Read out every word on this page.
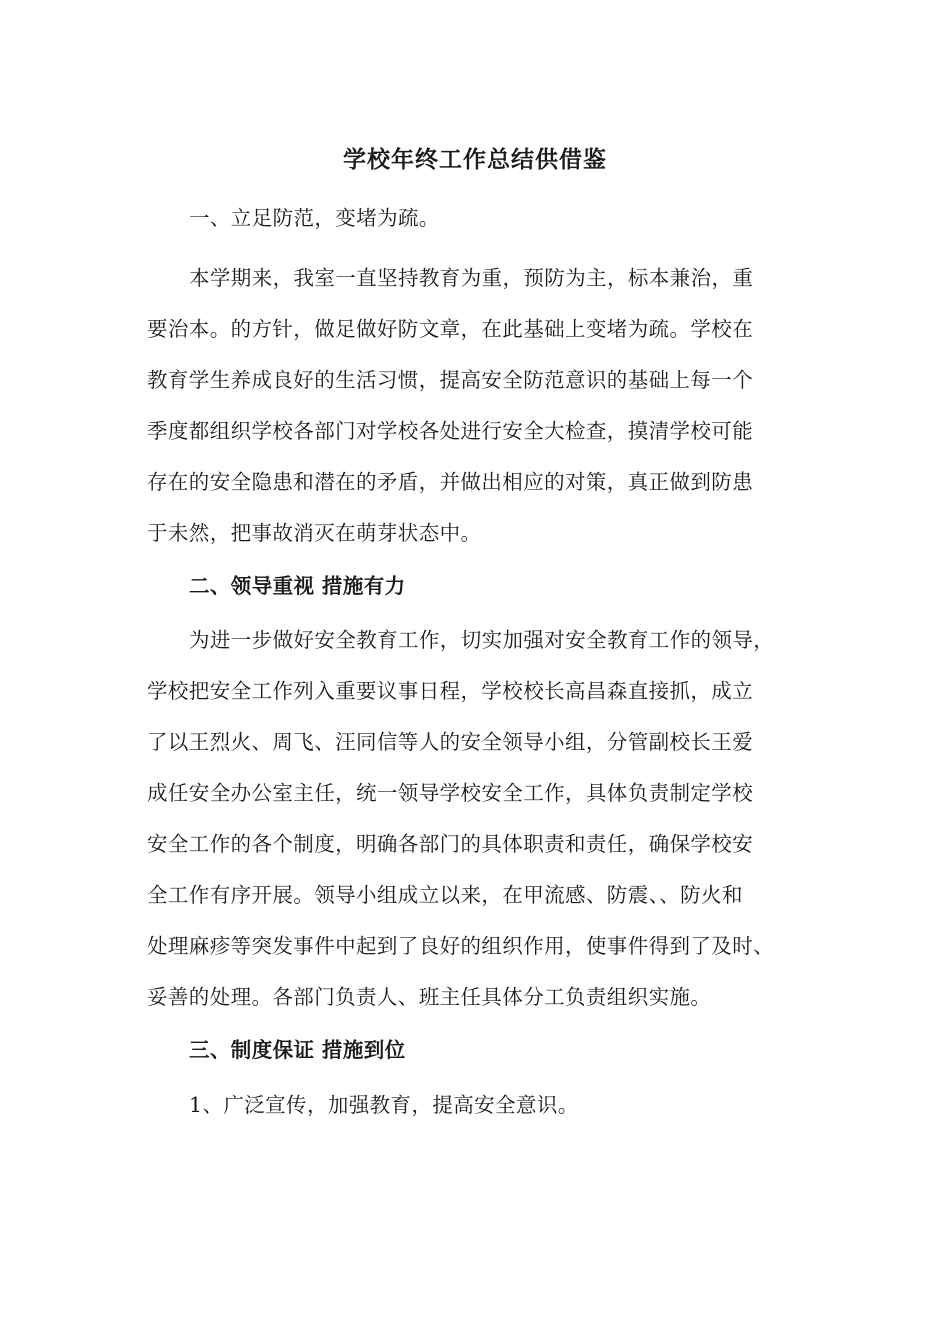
学校年终工作总结供借鉴
一、立足防范，变堵为疏。
本学期来，我室一直坚持教育为重，预防为主，标本兼治，重
要治本。的方针，做足做好防文章，在此基础上变堵为疏。学校在
教育学生养成良好的生活习惯，提高安全防范意识的基础上每一个
季度都组织学校各部门对学校各处进行安全大检查，摸清学校可能
存在的安全隐患和潜在的矛盾，并做出相应的对策，真正做到防患
于未然，把事故消灭在萌芽状态中。
二、领导重视 措施有力
为进一步做好安全教育工作，切实加强对安全教育工作的领导，
学校把安全工作列入重要议事日程，学校校长高昌森直接抓，成立
了以王烈火、周飞、汪同信等人的安全领导小组，分管副校长王爱
成任安全办公室主任，统一领导学校安全工作，具体负责制定学校
安全工作的各个制度，明确各部门的具体职责和责任，确保学校安
全工作有序开展。领导小组成立以来，在甲流感、防震、、防火和
处理麻疹等突发事件中起到了良好的组织作用，使事件得到了及时、
妥善的处理。各部门负责人、班主任具体分工负责组织实施。
三、制度保证 措施到位
1、广泛宣传，加强教育，提高安全意识。
